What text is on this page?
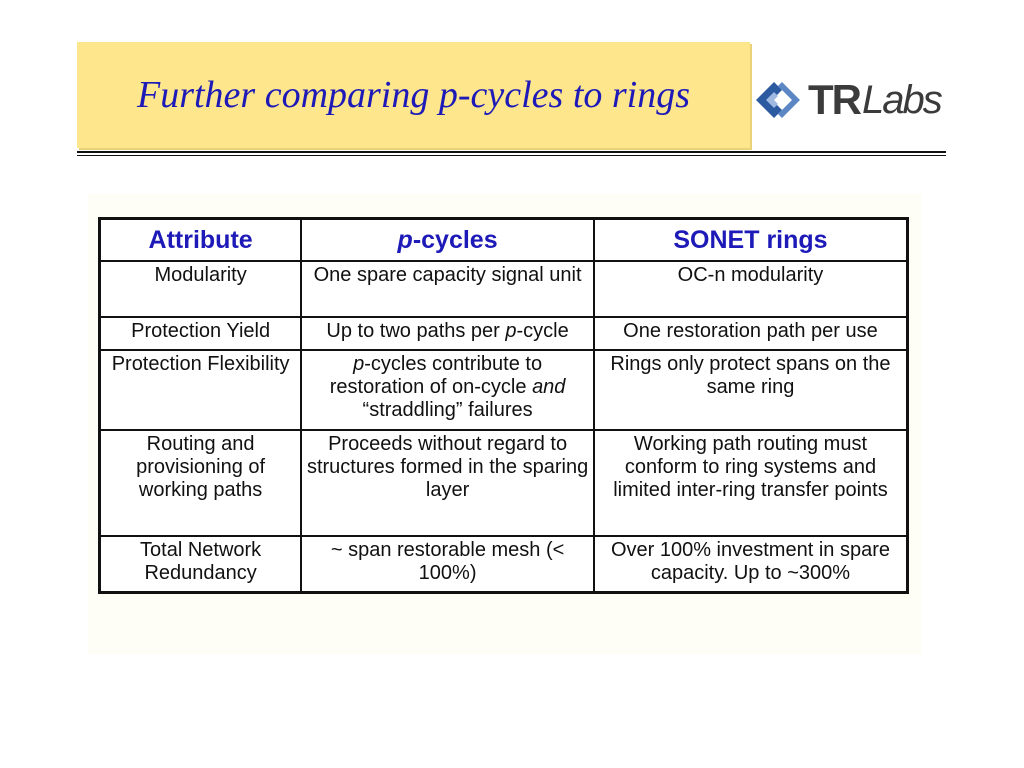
Further comparing p-cycles to rings	TR Labs
Attribute	p-cycles	SONET rings
Modularity	One spare capacity signal unit	OC-n modularity
Protection Yield	Up to two paths per p-cycle	One restoration path per use
Protection Flexibility	p-cycles contribute to restoration of on-cycle and “straddling” failures	Rings only protect spans on the same ring
Routing and provisioning of working paths	Proceeds without regard to structures formed in the sparing layer	Working path routing must conform to ring systems and limited inter-ring transfer points
Total Network Redundancy	~ span restorable mesh (< 100%)	Over 100% investment in spare capacity. Up to ~300%
